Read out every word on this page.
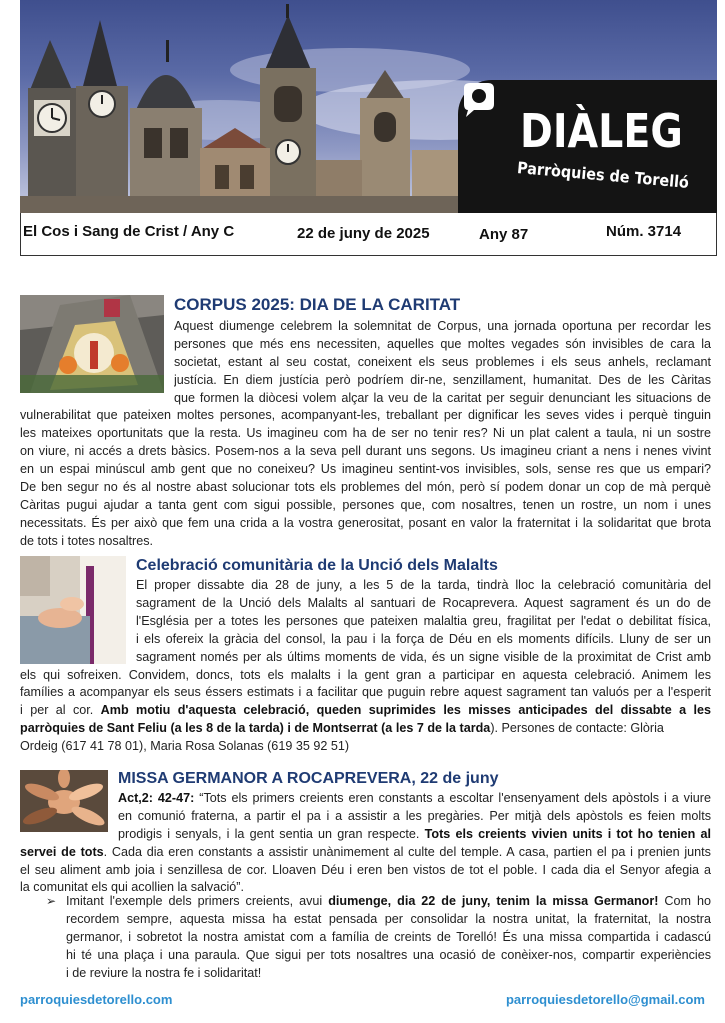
DIÀLEG
Parròquies de Torelló
El Cos i Sang de Crist / Any C	22 de juny de 2025	Any 87	Núm. 3714
CORPUS 2025: DIA DE LA CARITAT
Aquest diumenge celebrem la solemnitat de Corpus, una jornada oportuna per recordar les
persones que més ens necessiten, aquelles que moltes vegades són invisibles de cara la
societat, estant al seu costat, coneixent els seus problemes i els seus anhels, reclamant
justícia. En diem justícia però podríem dir-ne, senzillament, humanitat. Des de les Càritas
que formen la diòcesi volem alçar la veu de la caritat per seguir denunciant les situacions de
vulnerabilitat que pateixen moltes persones, acompanyant-les, treballant per dignificar les seves vides i perquè tinguin
les mateixes oportunitats que la resta. Us imagineu com ha de ser no tenir res? Ni un plat calent a taula, ni un sostre
on viure, ni accés a drets bàsics. Posem-nos a la seva pell durant uns segons. Us imagineu criant a nens i nenes vivint
en un espai minúscul amb gent que no coneixeu? Us imagineu sentint-vos invisibles, sols, sense res que us empari?
De ben segur no és al nostre abast solucionar tots els problemes del món, però sí podem donar un cop de mà perquè
Càritas pugui ajudar a tanta gent com sigui possible, persones que, com nosaltres, tenen un rostre, un nom i unes
necessitats. És per això que fem una crida a la vostra generositat, posant en valor la fraternitat i la solidaritat que brota
de tots i totes nosaltres.
Celebració comunitària de la Unció dels Malalts
El proper dissabte dia 28 de juny, a les 5 de la tarda, tindrà lloc la celebració comunitària del
sagrament de la Unció dels Malalts al santuari de Rocaprevera. Aquest sagrament és un do de
l'Església per a totes les persones que pateixen malaltia greu, fragilitat per l'edat o debilitat física,
i els ofereix la gràcia del consol, la pau i la força de Déu en els moments difícils. Lluny de ser un
sagrament només per als últims moments de vida, és un signe visible de la proximitat de Crist amb
els qui sofreixen. Convidem, doncs, tots els malalts i la gent gran a participar en aquesta celebració. Animem les
famílies a acompanyar els seus éssers estimats i a facilitar que puguin rebre aquest sagrament tan valuós per a l'esperit
i per al cor. Amb motiu d'aquesta celebració, queden suprimides les misses anticipades del dissabte a les
parròquies de Sant Feliu (a les 8 de la tarda) i de Montserrat (a les 7 de la tarda). Persones de contacte: Glòria
Ordeig (617 41 78 01), Maria Rosa Solanas (619 35 92 51)
MISSA GERMANOR A ROCAPREVERA, 22 de juny
Act,2: 42-47: “Tots els primers creients eren constants a escoltar l'ensenyament dels apòstols i a viure
en comunió fraterna, a partir el pa i a assistir a les pregàries. Per mitjà dels apòstols es feien molts
prodigis i senyals, i la gent sentia un gran respecte. Tots els creients vivien units i tot ho tenien al
servei de tots. Cada dia eren constants a assistir unànimement al culte del temple. A casa, partien el pa i prenien junts
el seu aliment amb joia i senzillesa de cor. Lloaven Déu i eren ben vistos de tot el poble. I cada dia el Senyor afegia a
la comunitat els qui acollien la salvació”.
➢ Imitant l'exemple dels primers creients, avui diumenge, dia 22 de juny, tenim la missa Germanor! Com ho
recordem sempre, aquesta missa ha estat pensada per consolidar la nostra unitat, la fraternitat, la nostra
germanor, i sobretot la nostra amistat com a família de creints de Torelló! És una missa compartida i cadascú
hi té una plaça i una paraula. Que sigui per tots nosaltres una ocasió de conèixer-nos, compartir experiències
i de reviure la nostra fe i solidaritat!
parroquiesdetorello.com	parroquiesdetorello@gmail.com
